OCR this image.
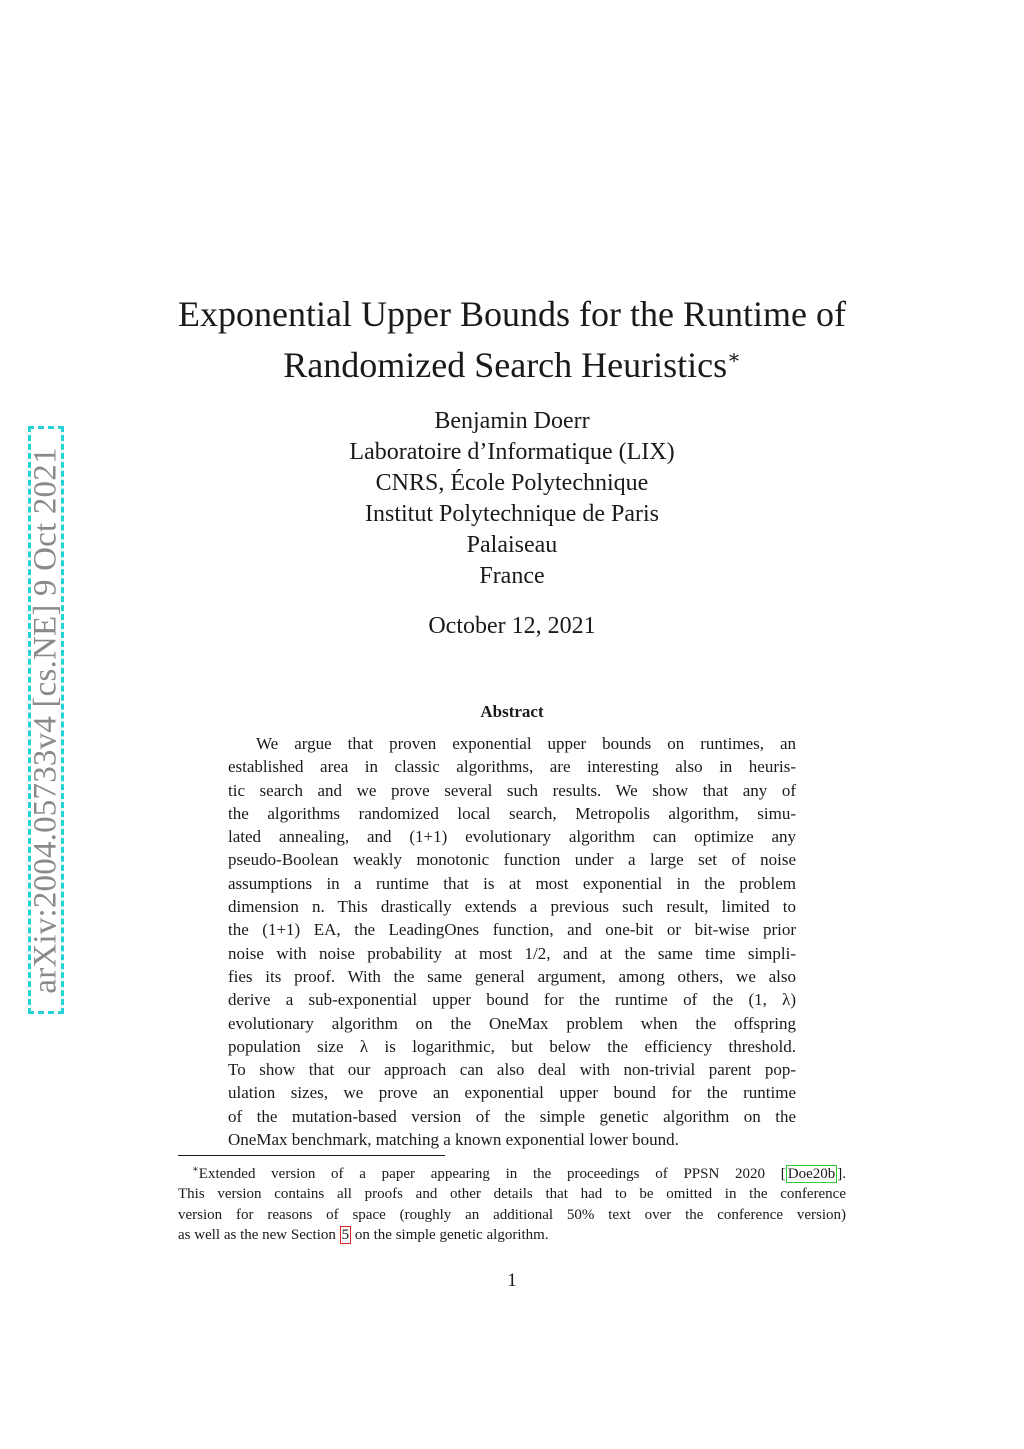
arXiv:2004.05733v4 [cs.NE] 9 Oct 2021
Exponential Upper Bounds for the Runtime of
Randomized Search Heuristics∗
Benjamin Doerr
Laboratoire d’Informatique (LIX)
CNRS, École Polytechnique
Institut Polytechnique de Paris
Palaiseau
France
October 12, 2021
Abstract
We argue that proven exponential upper bounds on runtimes, an
established area in classic algorithms, are interesting also in heuris-
tic search and we prove several such results. We show that any of
the algorithms randomized local search, Metropolis algorithm, simu-
lated annealing, and (1+1) evolutionary algorithm can optimize any
pseudo-Boolean weakly monotonic function under a large set of noise
assumptions in a runtime that is at most exponential in the problem
dimension n. This drastically extends a previous such result, limited to
the (1+1) EA, the LeadingOnes function, and one-bit or bit-wise prior
noise with noise probability at most 1/2, and at the same time simpli-
fies its proof. With the same general argument, among others, we also
derive a sub-exponential upper bound for the runtime of the (1, λ)
evolutionary algorithm on the OneMax problem when the offspring
population size λ is logarithmic, but below the efficiency threshold.
To show that our approach can also deal with non-trivial parent pop-
ulation sizes, we prove an exponential upper bound for the runtime
of the mutation-based version of the simple genetic algorithm on the
OneMax benchmark, matching a known exponential lower bound.
∗Extended version of a paper appearing in the proceedings of PPSN 2020 [ Doe20b ].
This version contains all proofs and other details that had to be omitted in the conference
version for reasons of space (roughly an additional 50% text over the conference version)
as well as the new Section 5 on the simple genetic algorithm.
1
